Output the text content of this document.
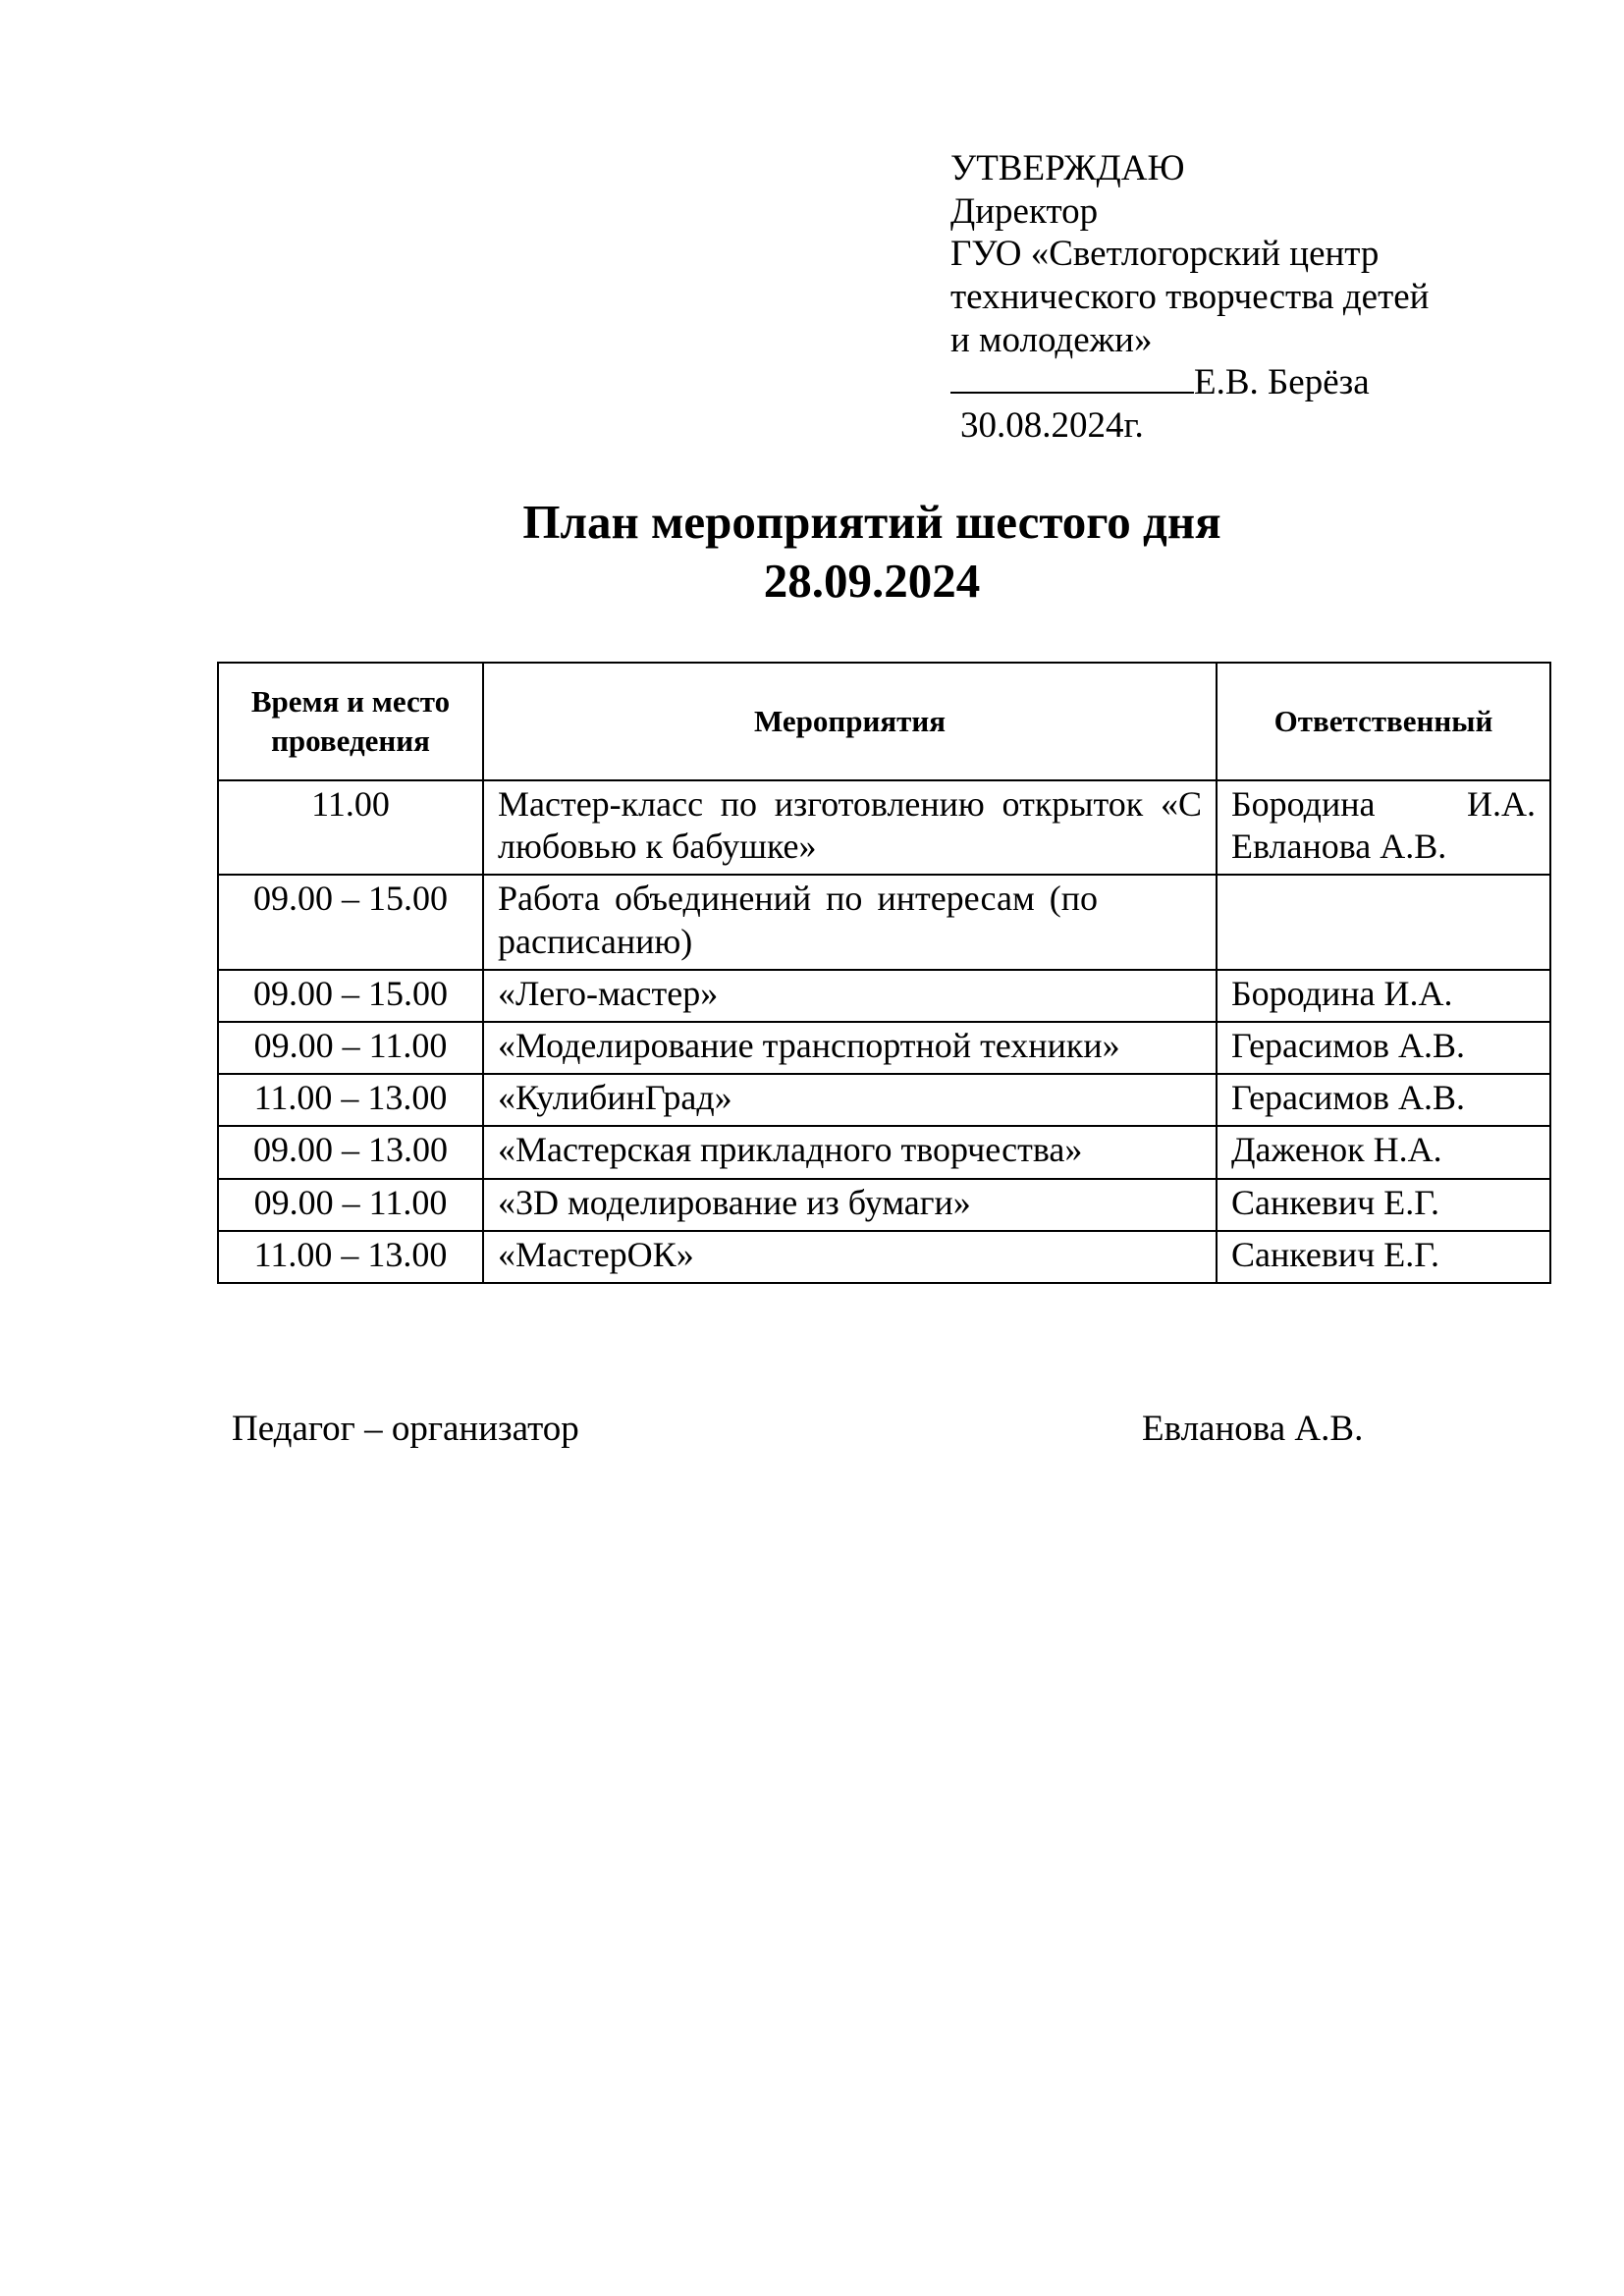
УТВЕРЖДАЮ
Директор
ГУО «Светлогорский центр
технического творчества детей
и молодежи»
Е.В. Берёза
30.08.2024г.
План мероприятий шестого дня
28.09.2024
Время и место проведения	Мероприятия	Ответственный
11.00	Мастер-класс по изготовлению открыток «С любовью к бабушке»	Бородина И.А. Евланова А.В.
09.00 – 15.00	Работа объединений по интересам (по расписанию)	
09.00 – 15.00	«Лего-мастер»	Бородина И.А.
09.00 – 11.00	«Моделирование транспортной техники»	Герасимов А.В.
11.00 – 13.00	«КулибинГрад»	Герасимов А.В.
09.00 – 13.00	«Мастерская прикладного творчества»	Даженок Н.А.
09.00 – 11.00	«3D моделирование из бумаги»	Санкевич Е.Г.
11.00 – 13.00	«МастерОК»	Санкевич Е.Г.
Педагог – организатор	Евланова А.В.
